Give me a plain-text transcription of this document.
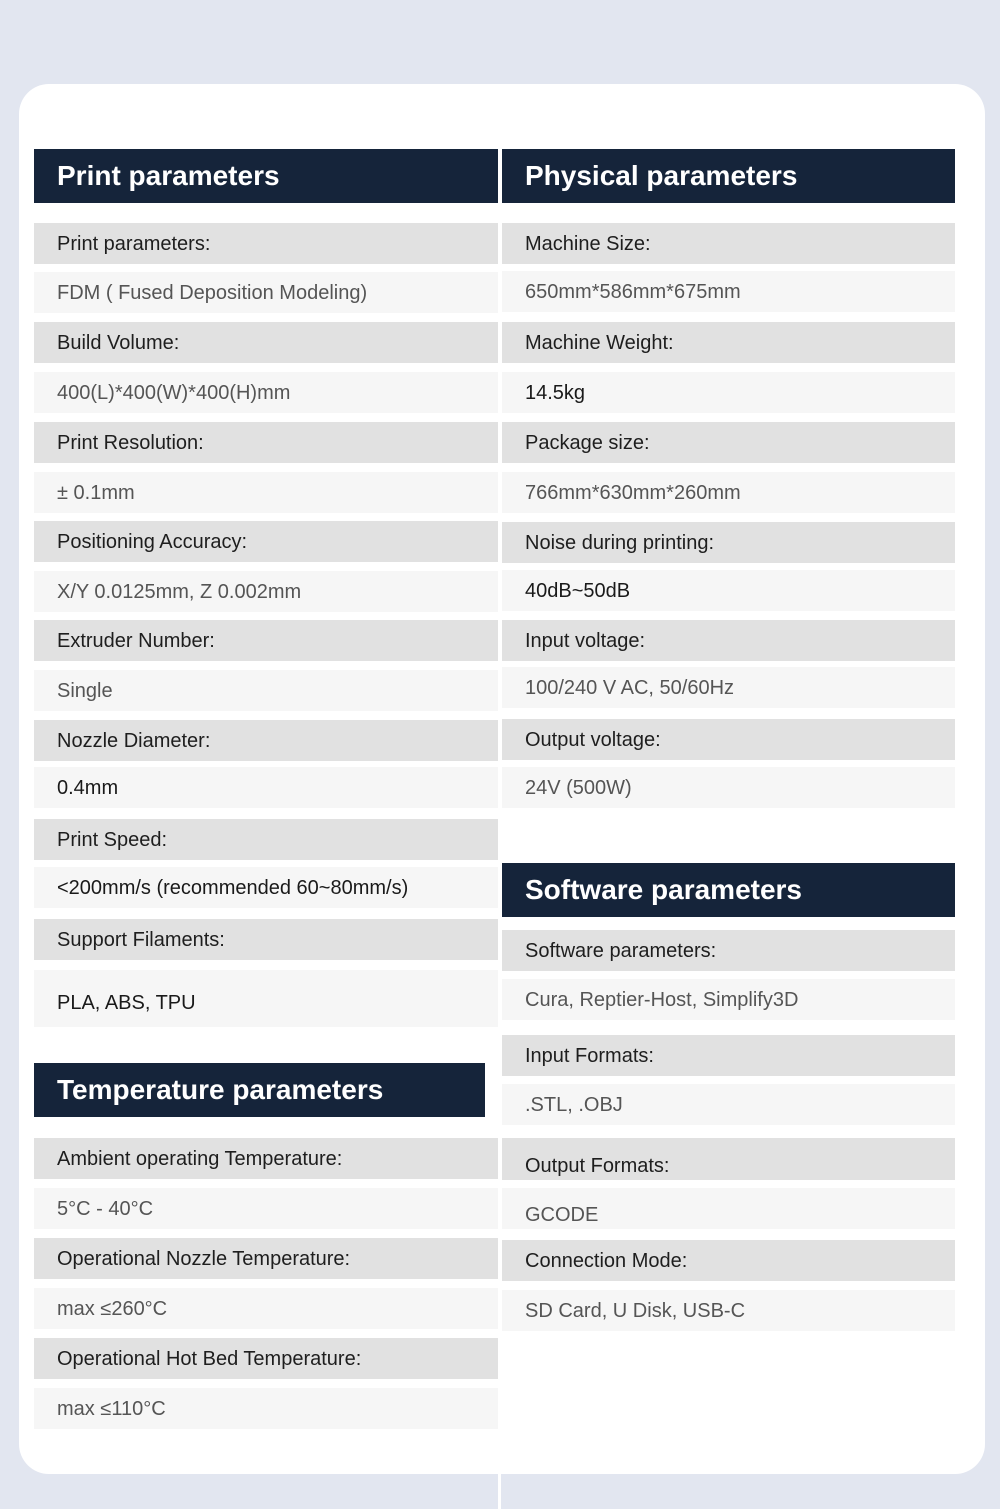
Print parameters
Print parameters:
FDM ( Fused Deposition Modeling)
Build Volume:
400(L)*400(W)*400(H)mm
Print Resolution:
± 0.1mm
Positioning Accuracy:
X/Y 0.0125mm, Z 0.002mm
Extruder Number:
Single
Nozzle Diameter:
0.4mm
Print Speed:
<200mm/s (recommended 60~80mm/s)
Support Filaments:
PLA, ABS, TPU
Temperature parameters
Ambient operating Temperature:
5°C - 40°C
Operational Nozzle Temperature:
max ≤260°C
Operational Hot Bed Temperature:
max ≤110°C
Physical parameters
Machine Size:
650mm*586mm*675mm
Machine Weight:
14.5kg
Package size:
766mm*630mm*260mm
Noise during printing:
40dB~50dB
Input voltage:
100/240 V AC, 50/60Hz
Output voltage:
24V (500W)
Software parameters
Software parameters:
Cura, Reptier-Host, Simplify3D
Input Formats:
.STL, .OBJ
Output Formats:
GCODE
Connection Mode:
SD Card, U Disk, USB-C
